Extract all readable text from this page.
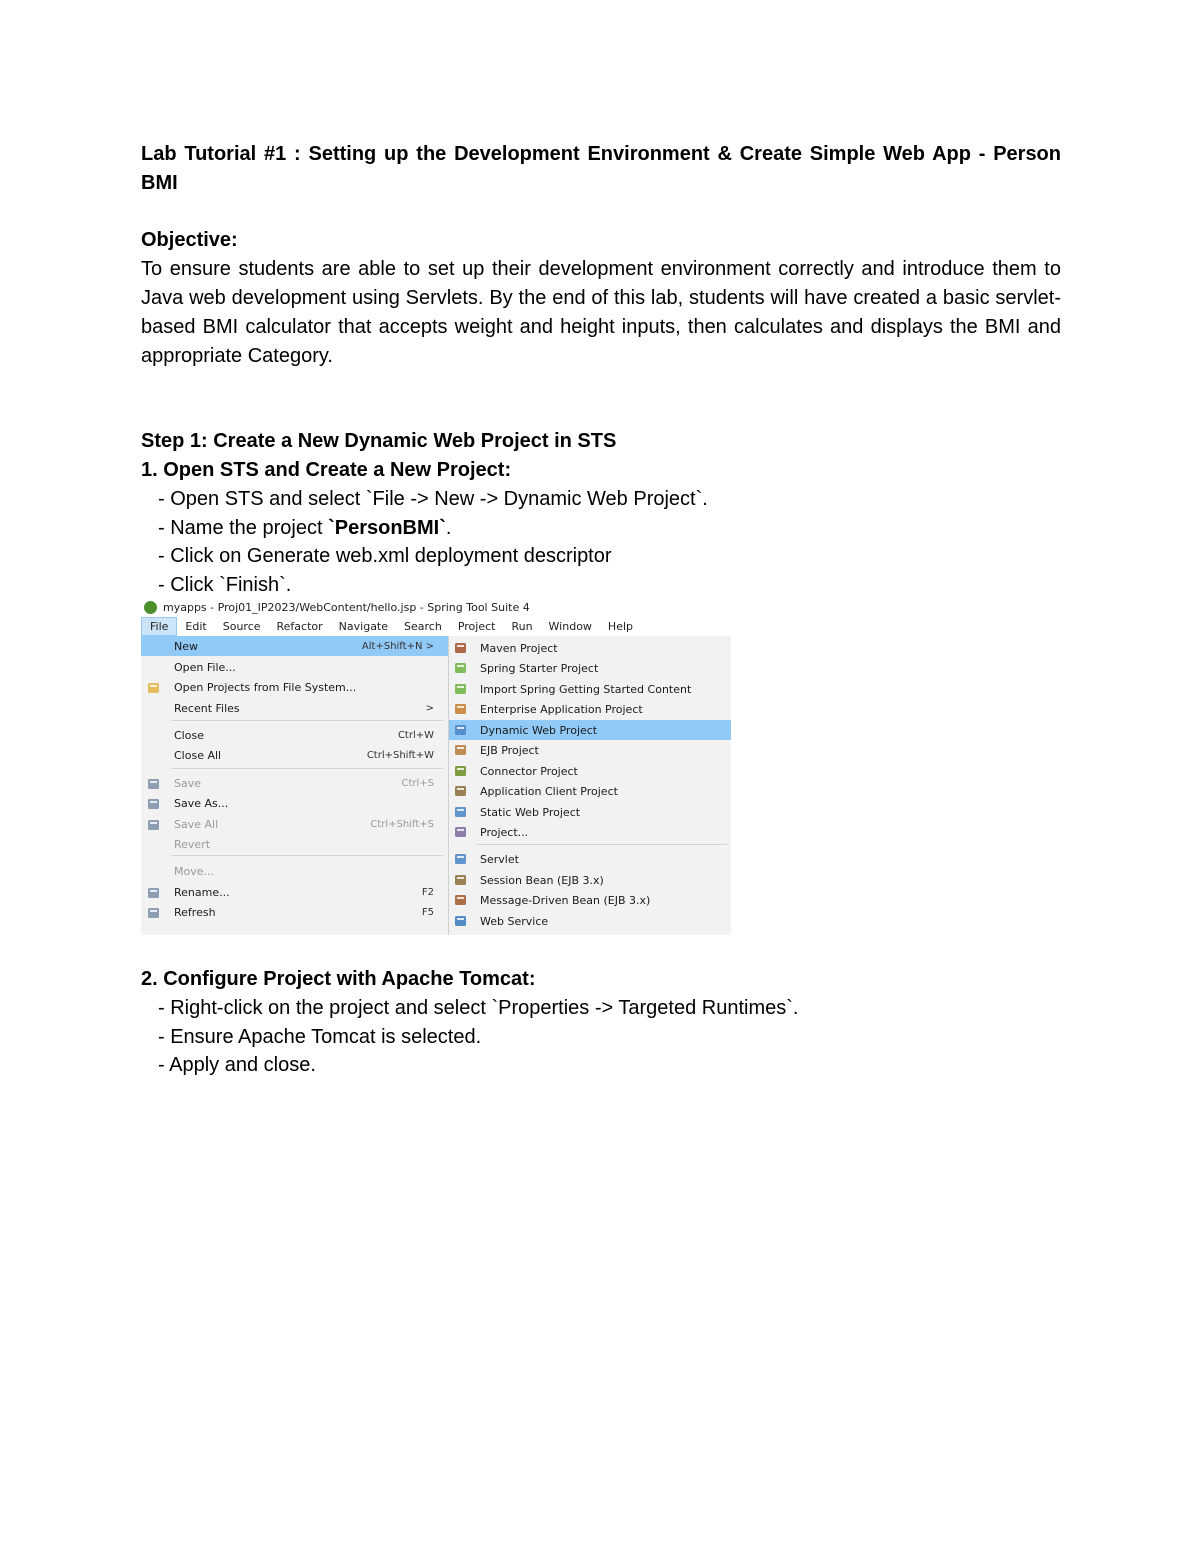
Lab Tutorial #1 : Setting up the Development Environment & Create Simple Web App - Person BMI

Objective:

To ensure students are able to set up their development environment correctly and introduce them to Java web development using Servlets. By the end of this lab, students will have created a basic servlet-based BMI calculator that accepts weight and height inputs, then calculates and displays the BMI and appropriate Category.

Step 1: Create a New Dynamic Web Project in STS

1. Open STS and Create a New Project:

- Open STS and select `File -> New -> Dynamic Web Project`.

- Name the project `PersonBMI`.

- Click on Generate web.xml deployment descriptor

- Click `Finish`.

myapps - Proj01_IP2023/WebContent/hello.jsp - Spring Tool Suite 4
File	Edit	Source	Refactor	Navigate	Search	Project	Run	Window	Help
New	Alt+Shift+N >
Open File...
Open Projects from File System...
Recent Files	>
Close	Ctrl+W
Close All	Ctrl+Shift+W
Save	Ctrl+S
Save As...
Save All	Ctrl+Shift+S
Revert
Move...
Rename...	F2
Refresh	F5
Maven Project
Spring Starter Project
Import Spring Getting Started Content
Enterprise Application Project
Dynamic Web Project
EJB Project
Connector Project
Application Client Project
Static Web Project
Project...
Servlet
Session Bean (EJB 3.x)
Message-Driven Bean (EJB 3.x)
Web Service

2. Configure Project with Apache Tomcat:

- Right-click on the project and select `Properties -> Targeted Runtimes`.

- Ensure Apache Tomcat is selected.

- Apply and close.
